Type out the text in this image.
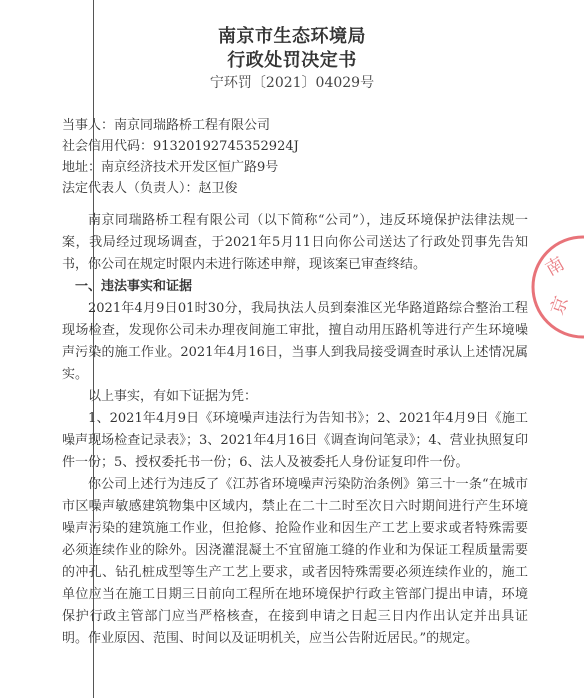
南京市生态环境局
行政处罚决定书
宁环罚〔2021〕04029号
当事人：南京同瑞路桥工程有限公司
社会信用代码：91320192745352924J
地址：南京经济技术开发区恒广路9号
法定代表人（负责人）：赵卫俊

南京同瑞路桥工程有限公司（以下简称“公司”），违反环境保护法律法规一案，我局经过现场调查，于2021年5月11日向你公司送达了行政处罚事先告知书，你公司在规定时限内未进行陈述申辩，现该案已审查终结。

一、违法事实和证据

2021年4月9日01时30分，我局执法人员到秦淮区光华路道路综合整治工程现场检查，发现你公司未办理夜间施工审批，擅自动用压路机等进行产生环境噪声污染的施工作业。2021年4月16日，当事人到我局接受调查时承认上述情况属实。

以上事实，有如下证据为凭：

1、2021年4月9日《环境噪声违法行为告知书》；2、2021年4月9日《施工噪声现场检查记录表》；3、2021年4月16日《调查询问笔录》；4、营业执照复印件一份；5、授权委托书一份；6、法人及被委托人身份证复印件一份。

你公司上述行为违反了《江苏省环境噪声污染防治条例》第三十一条“在城市市区噪声敏感建筑物集中区域内，禁止在二十二时至次日六时期间进行产生环境噪声污染的建筑施工作业，但抢修、抢险作业和因生产工艺上要求或者特殊需要必须连续作业的除外。因浇灌混凝土不宜留施工缝的作业和为保证工程质量需要的冲孔、钻孔桩成型等生产工艺上要求，或者因特殊需要必须连续作业的，施工单位应当在施工日期三日前向工程所在地环境保护行政主管部门提出申请，环境保护行政主管部门应当严格核查，在接到申请之日起三日内作出认定并出具证明。作业原因、范围、时间以及证明机关，应当公告附近居民。”的规定。

南
京
